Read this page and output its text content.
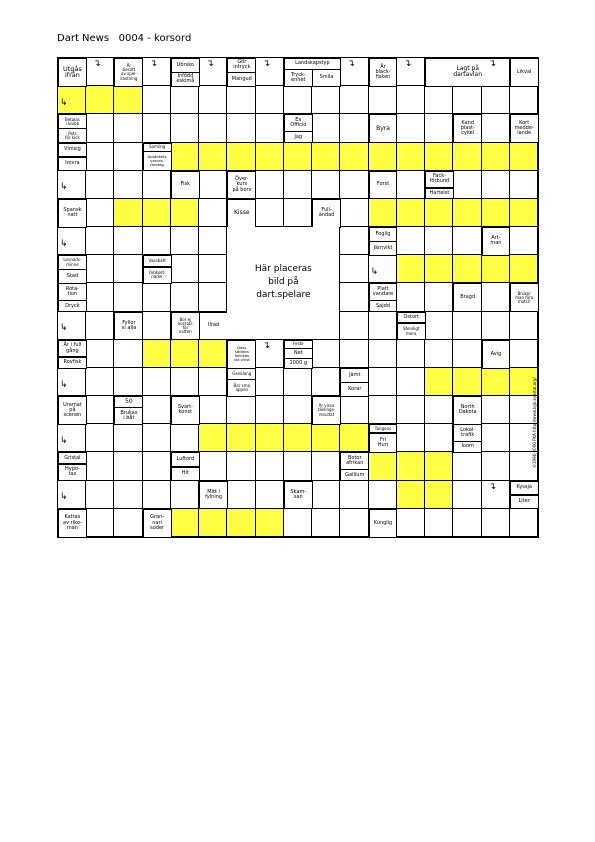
Dart News   0004 - korsord
Utgås
ifrån
Är
besatt
av spel-
kastning
Ubrsko
Infödd
eskimå
Gör
intryck
Mangud
Landskapstyp
Tryck-
enhet	Smila
Är
black-
fisken
Lagt på
dartavlan	Likval
Betalas
i klubb
Pets
för kick
Ex
Officio
Jag
Byra
Kand
plast-
cykel
Kort
medde-
lande
Vimsig
Irovra
Samling
Apotekets
varora-
företag
Fisk
Över-
kurs
på bors
Forst
Fack-
förbund
Hartelst
Spansk
natt	Kisse	Full-
ändad
Foglig
Järnvikt
Art-
man
Levnads-
minne
Stad
Vassbatt
Omkost-
nader
Rota-
tion
Dryck
Platt
vandare
Sajdd
Bragd
Bruker
man föra
match
Fyllor
vi alla
Bor ej
korsats
för
vatten
Ilrad
Ostort
Steniligt
mera
Är i full
gång
Rovfisk
Dess
sådana
folkikas
vid vinst
Feste
Net
1000 g
Avig
Genklang
Bar sma
appen
Jämt
Korar
Uramat
på
scenen
50
Brukas
i båt
Svart-
konst
Är vissa
tävlings-
resultat
North
Dakota
Tangens
Fri
Huri
Lokal-
trafik
Ioom
Gristal
Hypo-
tas
Luftord
Hit
Botor
afrikan
Gallium
Mitt i
fylning
Skam-
san
Kyssja
Liter
Kattas
av riko-
man
Gran-
nari
soder
Kunglig
↴	↴	↴	↴	↴	↴	↴
↳
↳
↳
↳
↳
↴
↳
↳
↳
↴
Här placeras
bild på
dart.spelare
©1996-2000 PKA http://www.kgk.kvartal.org/
